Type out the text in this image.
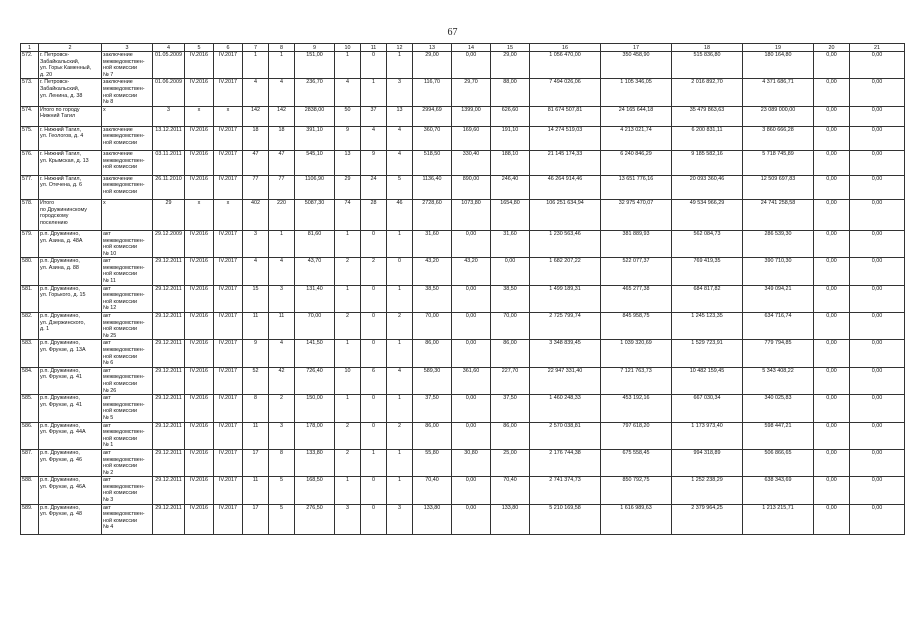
67
1	2	3	4	5	6	7	8	9	10	11	12	13	14	15	16	17	18	19	20	21
572.	г. Петровск-Забайкальский,
ул. Горьк Каменный,
д. 20	заключение
межведомствен-
ной комиссии
№ 7	01.05.2009	IV.2016	IV.2017	1	1	151,00	1	0	1	29,00	0,00	29,00	1 056 470,00	350 458,90	515 836,80	180 164,80	0,00	0,00
573.	г. Петровск-Забайкальский,
ул. Ленина, д. 38	заключение
межведомствен-
ной комиссии
№ 8	01.06.2009	IV.2016	IV.2017	4	4	236,70	4	1	3	116,70	29,70	88,00	7 494 026,06	1 105 346,05	2 016 892,70	4 371 686,71	0,00	0,00
574.	Итого по городу
Нижний Тагил	x	3	x	x	142	142	2838,00	50	37	13	2994,69	1399,00	626,60	81 674 507,81	24 165 644,18	35 479 863,63	23 089 000,00	0,00	0,00
575.	г. Нижний Тагил,
ул. Геологов, д. 4	заключение
межведомствен-
ной комиссии	13.12.2011	IV.2016	IV.2017	18	18	391,10	9	4	4	360,70	169,60	191,10	14 274 519,03	4 213 021,74	6 200 831,11	3 860 666,28	0,00	0,00
576.	г. Нижний Тагил,
ул. Крымская, д. 13	заключение
межведомствен-
ной комиссии	03.11.2011	IV.2016	IV.2017	47	47	545,10	13	9	4	518,50	330,40	188,10	21 145 174,33	6 240 846,29	9 185 582,16	5 718 745,89	0,00	0,00
577.	г. Нижний Тагил,
ул. Отечена, д. 6	заключение
межведомствен-
ной комиссии	26.11.2010	IV.2016	IV.2017	77	77	1106,90	29	24	5	1136,40	890,00	246,40	46 264 914,46	13 651 776,16	20 093 360,46	12 509 697,83	0,00	0,00
578.	Итого
по Дружининскому
городскому
поселению	x	29	x	x	402	220	5087,30	74	28	46	2728,60	1073,80	1654,80	106 251 634,94	32 975 470,07	49 534 966,29	24 741 258,58	0,00	0,00
579.	р.п. Дружинино,
ул. Азина, д. 48А	акт
межведомствен-
ной комиссии
№ 10	29.12.2009	IV.2016	IV.2017	3	1	81,60	1	0	1	31,60	0,00	31,60	1 230 563,46	381 889,93	562 084,73	286 539,30	0,00	0,00
580.	р.п. Дружинино,
ул. Азина, д. 88	акт
межведомствен-
ной комиссии
№ 11	29.12.2011	IV.2016	IV.2017	4	4	43,70	2	2	0	43,20	43,20	0,00	1 682 207,22	522 077,37	769 419,35	390 710,30	0,00	0,00
581.	р.п. Дружинино,
ул. Горького, д. 15	акт
межведомствен-
ной комиссии
№ 12	29.12.2011	IV.2016	IV.2017	15	3	131,40	1	0	1	38,50	0,00	38,50	1 499 189,31	465 277,38	684 817,82	349 094,21	0,00	0,00
582.	р.п. Дружинино,
ул. Дзержинского,
д. 1	акт
межведомствен-
ной комиссии
№ 25	29.12.2011	IV.2016	IV.2017	11	11	70,00	2	0	2	70,00	0,00	70,00	2 725 799,74	845 958,75	1 245 123,35	634 716,74	0,00	0,00
583.	р.п. Дружинино,
ул. Фрунзе, д. 13А	акт
межведомствен-
ной комиссии
№ 6	29.12.2011	IV.2016	IV.2017	9	4	141,50	1	0	1	86,00	0,00	86,00	3 348 839,45	1 039 320,69	1 529 723,91	779 794,85	0,00	0,00
584.	р.п. Дружинино,
ул. Фрунзе, д. 41	акт
межведомствен-
ной комиссии
№ 26	29.12.2011	IV.2016	IV.2017	52	42	726,40	10	6	4	589,30	361,60	227,70	22 947 331,40	7 121 763,73	10 482 159,45	5 343 408,22	0,00	0,00
585.	р.п. Дружинино,
ул. Фрунзе, д. 41	акт
межведомствен-
ной комиссии
№ 5	29.12.2011	IV.2016	IV.2017	8	2	150,00	1	0	1	37,50	0,00	37,50	1 460 248,33	453 192,16	667 030,34	340 025,83	0,00	0,00
586.	р.п. Дружинино,
ул. Фрунзе, д. 44А	акт
межведомствен-
ной комиссии
№ 1	29.12.2011	IV.2016	IV.2017	11	3	178,00	2	0	2	86,00	0,00	86,00	2 570 038,81	797 618,20	1 173 973,40	598 447,21	0,00	0,00
587.	р.п. Дружинино,
ул. Фрунзе, д. 46	акт
межведомствен-
ной комиссии
№ 2	29.12.2011	IV.2016	IV.2017	17	8	133,80	2	1	1	55,80	30,80	25,00	2 176 744,38	675 558,45	994 318,89	506 866,65	0,00	0,00
588.	р.п. Дружинино,
ул. Фрунзе, д. 46А	акт
межведомствен-
ной комиссии
№ 3	29.12.2011	IV.2016	IV.2017	11	5	168,50	1	0	1	70,40	0,00	70,40	2 741 374,73	850 792,75	1 252 238,29	638 343,69	0,00	0,00
589.	р.п. Дружинино,
ул. Фрунзе, д. 48	акт
межведомствен-
ной комиссии
№ 4	29.12.2011	IV.2016	IV.2017	17	5	276,50	3	0	3	133,80	0,00	133,80	5 210 169,58	1 616 989,63	2 379 964,25	1 213 215,71	0,00	0,00
